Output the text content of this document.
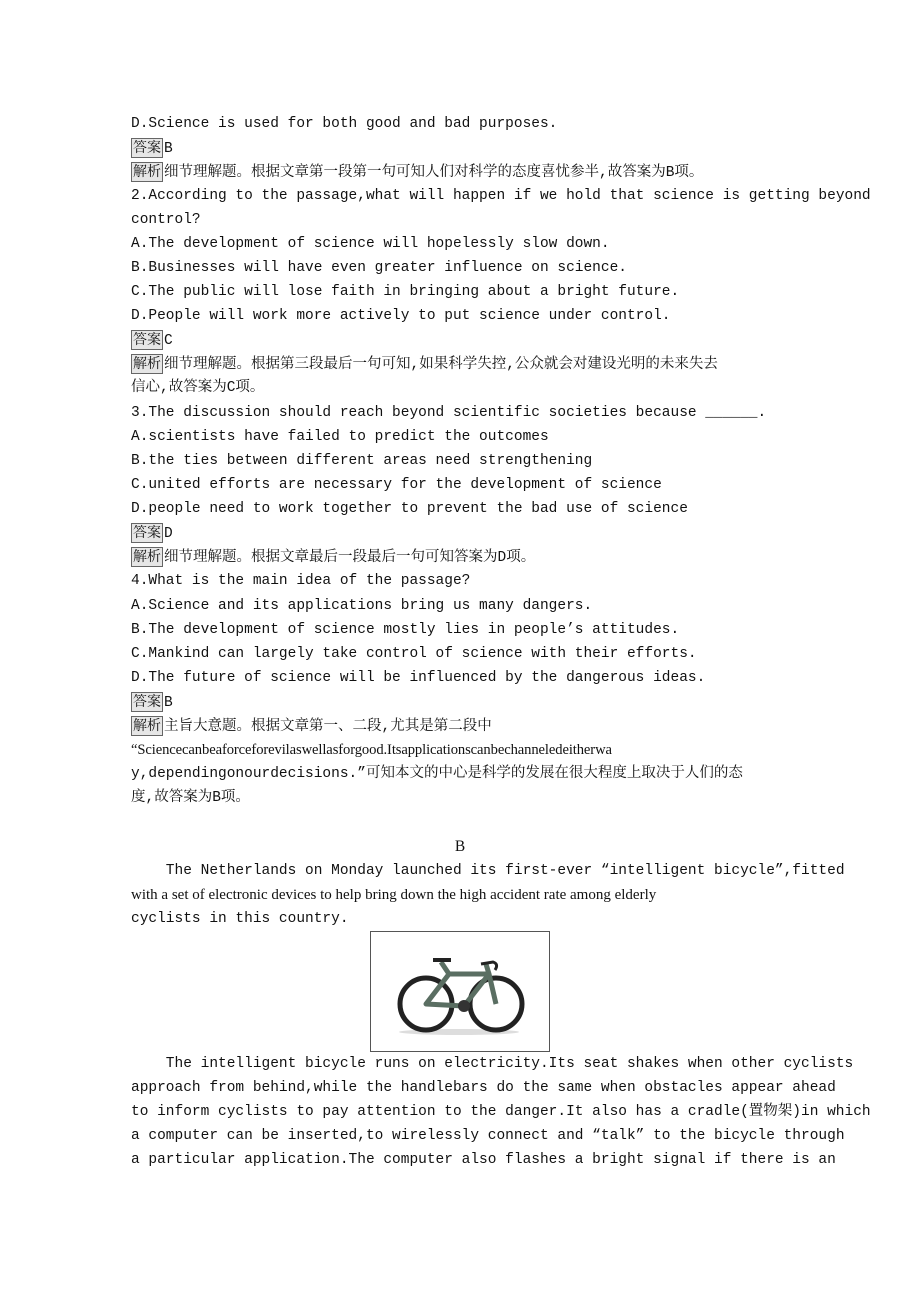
D.Science is used for both good and bad purposes.
答案 B
解析 细节理解题。根据文章第一段第一句可知人们对科学的态度喜忧参半,故答案为B项。
2.According to the passage,what will happen if we hold that science is getting beyond
control?
A.The development of science will hopelessly slow down.
B.Businesses will have even greater influence on science.
C.The public will lose faith in bringing about a bright future.
D.People will work more actively to put science under control.
答案 C
解析 细节理解题。根据第三段最后一句可知,如果科学失控,公众就会对建设光明的未来失去
信心,故答案为C项。
3.The discussion should reach beyond scientific societies because ______.
A.scientists have failed to predict the outcomes
B.the ties between different areas need strengthening
C.united efforts are necessary for the development of science
D.people need to work together to prevent the bad use of science
答案 D
解析 细节理解题。根据文章最后一段最后一句可知答案为D项。
4.What is the main idea of the passage?
A.Science and its applications bring us many dangers.
B.The development of science mostly lies in people’s attitudes.
C.Mankind can largely take control of science with their efforts.
D.The future of science will be influenced by the dangerous ideas.
答案 B
解析 主旨大意题。根据文章第一、二段,尤其是第二段中
“Sciencecanbeaforceforevilaswellasforgood.Itsapplicationscanbechanneledeitherwa
y,dependingonourdecisions.”可知本文的中心是科学的发展在很大程度上取决于人们的态
度,故答案为B项。
B
The Netherlands on Monday launched its first-ever “intelligent bicycle”,fitted
with a set of electronic devices to help bring down the high accident rate among elderly
cyclists in this country.
The intelligent bicycle runs on electricity.Its seat shakes when other cyclists
approach from behind,while the handlebars do the same when obstacles appear ahead
to inform cyclists to pay attention to the danger.It also has a cradle(置物架)in which
a computer can be inserted,to wirelessly connect and “talk” to the bicycle through
a particular application.The computer also flashes a bright signal if there is an
